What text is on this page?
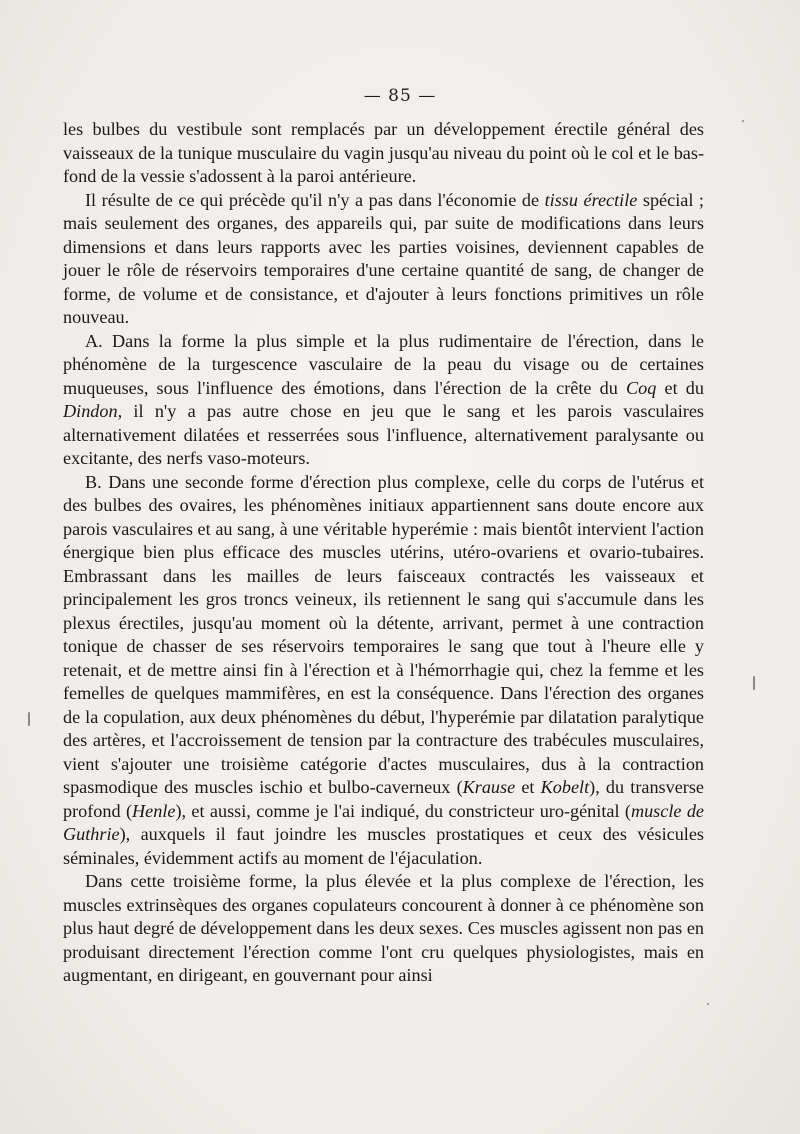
— 85 —

les bulbes du vestibule sont remplacés par un développement érectile général des vaisseaux de la tunique musculaire du vagin jusqu'au niveau du point où le col et le bas-fond de la vessie s'adossent à la paroi antérieure.

Il résulte de ce qui précède qu'il n'y a pas dans l'économie de tissu érectile spécial ; mais seulement des organes, des appareils qui, par suite de modifications dans leurs dimensions et dans leurs rapports avec les parties voisines, deviennent capables de jouer le rôle de réservoirs temporaires d'une certaine quantité de sang, de changer de forme, de volume et de consistance, et d'ajouter à leurs fonctions primitives un rôle nouveau.

A. Dans la forme la plus simple et la plus rudimentaire de l'érection, dans le phénomène de la turgescence vasculaire de la peau du visage ou de certaines muqueuses, sous l'influence des émotions, dans l'érection de la crête du Coq et du Dindon, il n'y a pas autre chose en jeu que le sang et les parois vasculaires alternativement dilatées et resserrées sous l'influence, alternativement paralysante ou excitante, des nerfs vaso-moteurs.

B. Dans une seconde forme d'érection plus complexe, celle du corps de l'utérus et des bulbes des ovaires, les phénomènes initiaux appartiennent sans doute encore aux parois vasculaires et au sang, à une véritable hyperémie : mais bientôt intervient l'action énergique bien plus efficace des muscles utérins, utéro-ovariens et ovario-tubaires. Embrassant dans les mailles de leurs faisceaux contractés les vaisseaux et principalement les gros troncs veineux, ils retiennent le sang qui s'accumule dans les plexus érectiles, jusqu'au moment où la détente, arrivant, permet à une contraction tonique de chasser de ses réservoirs temporaires le sang que tout à l'heure elle y retenait, et de mettre ainsi fin à l'érection et à l'hémorrhagie qui, chez la femme et les femelles de quelques mammifères, en est la conséquence. Dans l'érection des organes de la copulation, aux deux phénomènes du début, l'hyperémie par dilatation paralytique des artères, et l'accroissement de tension par la contracture des trabécules musculaires, vient s'ajouter une troisième catégorie d'actes musculaires, dus à la contraction spasmodique des muscles ischio et bulbo-caverneux (Krause et Kobelt), du transverse profond (Henle), et aussi, comme je l'ai indiqué, du constricteur uro-génital (muscle de Guthrie), auxquels il faut joindre les muscles prostatiques et ceux des vésicules séminales, évidemment actifs au moment de l'éjaculation.

Dans cette troisième forme, la plus élevée et la plus complexe de l'érection, les muscles extrinsèques des organes copulateurs concourent à donner à ce phénomène son plus haut degré de développement dans les deux sexes. Ces muscles agissent non pas en produisant directement l'érection comme l'ont cru quelques physiologistes, mais en augmentant, en dirigeant, en gouvernant pour ainsi
